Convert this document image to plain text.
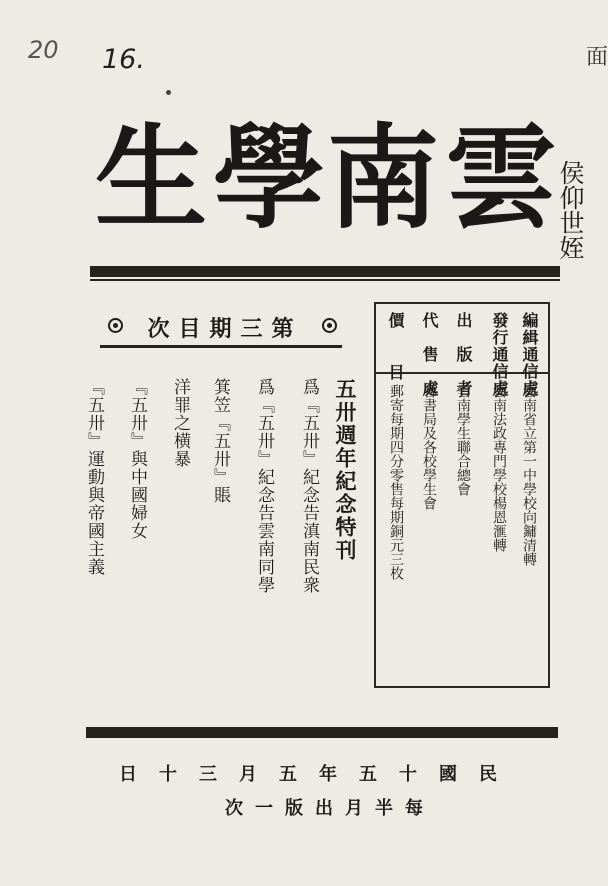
20 16.	面
生 學 南 雲 侯仰世姪
次目期三第
五卅週年紀念特刊
爲『五卅』紀念告滇南民衆
爲『五卅』紀念告雲南同學
箕笠『五卅』賬
洋罪之横暴
『五卅』與中國婦女
『五卅』運動與帝國主義
編緝通信處
雲南省立第一中學校向鏞清轉
發行通信處
雲南法政專門學校楊恩滙轉
出版者
雲南學生聯合總會
代售處
各書局及各校學生會
價目
郵寄每期四分零售每期銅元三枚
民國十五年五月三十日
每半月出版一次
